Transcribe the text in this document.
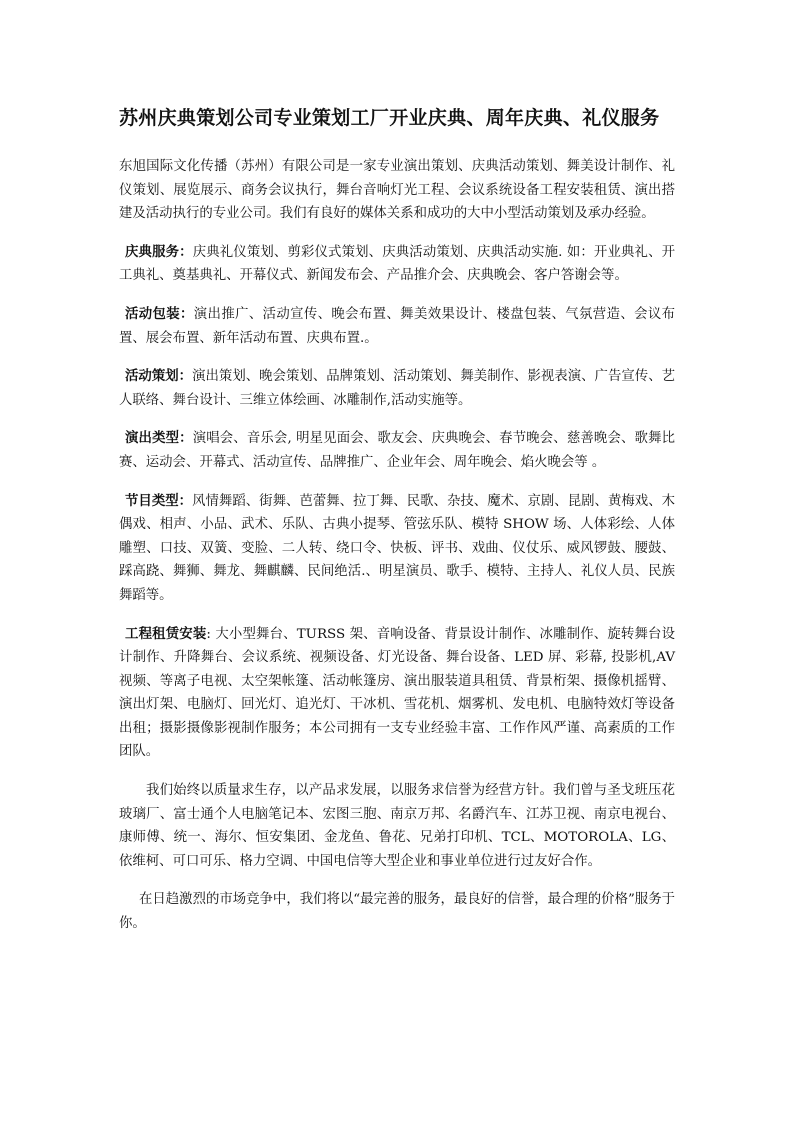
苏州庆典策划公司专业策划工厂开业庆典、周年庆典、礼仪服务

东旭国际文化传播（苏州）有限公司是一家专业演出策划、庆典活动策划、舞美设计制作、礼仪策划、展览展示、商务会议执行，舞台音响灯光工程、会议系统设备工程安装租赁、演出搭建及活动执行的专业公司。我们有良好的媒体关系和成功的大中小型活动策划及承办经验。

庆典服务：庆典礼仪策划、剪彩仪式策划、庆典活动策划、庆典活动实施. 如：开业典礼、开工典礼、奠基典礼、开幕仪式、新闻发布会、产品推介会、庆典晚会、客户答谢会等。

活动包装：演出推广、活动宣传、晚会布置、舞美效果设计、楼盘包装、气氛营造、会议布置、展会布置、新年活动布置、庆典布置.。

活动策划：演出策划、晚会策划、品牌策划、活动策划、舞美制作、影视表演、广告宣传、艺人联络、舞台设计、三维立体绘画、冰雕制作,活动实施等。

演出类型：演唱会、音乐会, 明星见面会、歌友会、庆典晚会、春节晚会、慈善晚会、歌舞比赛、运动会、开幕式、活动宣传、品牌推广、企业年会、周年晚会、焰火晚会等 。

节目类型：风情舞蹈、街舞、芭蕾舞、拉丁舞、民歌、杂技、魔术、京剧、昆剧、黄梅戏、木偶戏、相声、小品、武术、乐队、古典小提琴、管弦乐队、模特 SHOW 场、人体彩绘、人体雕塑、口技、双簧、变脸、二人转、绕口令、快板、评书、戏曲、仪仗乐、威风锣鼓、腰鼓、踩高跷、舞狮、舞龙、舞麒麟、民间绝活.、明星演员、歌手、模特、主持人、礼仪人员、民族舞蹈等。

工程租赁安装: 大小型舞台、TURSS 架、音响设备、背景设计制作、冰雕制作、旋转舞台设计制作、升降舞台、会议系统、视频设备、灯光设备、舞台设备、LED 屏、彩幕, 投影机,AV 视频、等离子电视、太空架帐篷、活动帐篷房、演出服装道具租赁、背景桁架、摄像机摇臂、演出灯架、电脑灯、回光灯、追光灯、干冰机、雪花机、烟雾机、发电机、电脑特效灯等设备出租；摄影摄像影视制作服务；本公司拥有一支专业经验丰富、工作作风严谨、高素质的工作团队。

我们始终以质量求生存，以产品求发展，以服务求信誉为经营方针。我们曾与圣戈班压花玻璃厂、富士通个人电脑笔记本、宏图三胞、南京万邦、名爵汽车、江苏卫视、南京电视台、康师傅、统一、海尔、恒安集团、金龙鱼、鲁花、兄弟打印机、TCL、MOTOROLA、LG、依维柯、可口可乐、格力空调、中国电信等大型企业和事业单位进行过友好合作。

在日趋激烈的市场竞争中，我们将以“最完善的服务，最良好的信誉，最合理的价格”服务于你。
